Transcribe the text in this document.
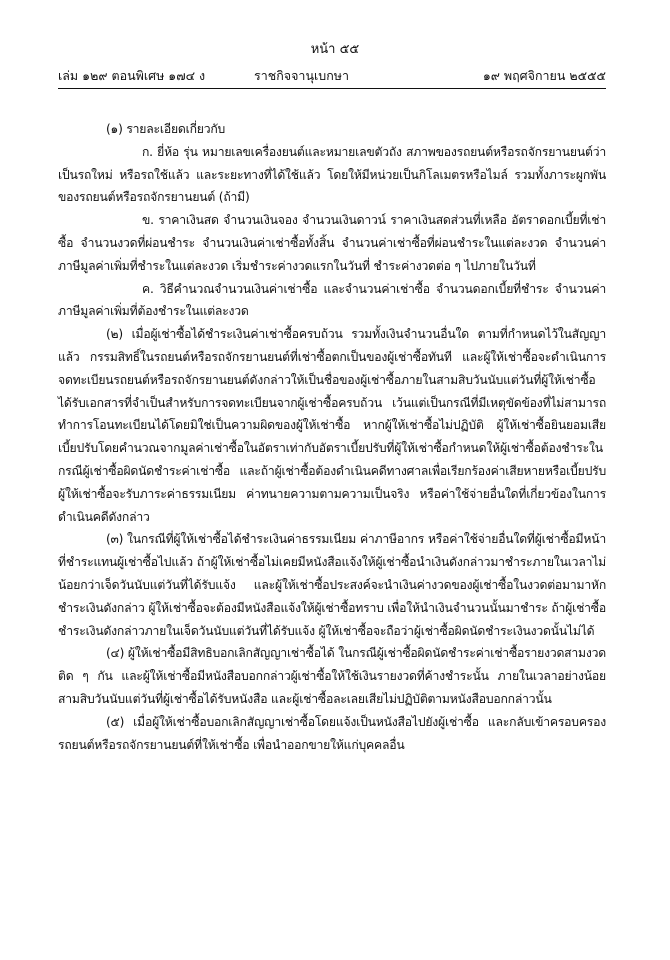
หน้า ๕๕
เล่ม ๑๒๙ ตอนพิเศษ ๑๗๔ ง	ราชกิจจานุเบกษา	๑๙ พฤศจิกายน ๒๕๕๕

(๑) รายละเอียดเกี่ยวกับ

ก. ยี่ห้อ รุ่น หมายเลขเครื่องยนต์และหมายเลขตัวถัง สภาพของรถยนต์หรือรถจักรยานยนต์ว่าเป็นรถใหม่ หรือรถใช้แล้ว และระยะทางที่ได้ใช้แล้ว โดยให้มีหน่วยเป็นกิโลเมตรหรือไมล์ รวมทั้งภาระผูกพันของรถยนต์หรือรถจักรยานยนต์ (ถ้ามี)

ข. ราคาเงินสด จำนวนเงินจอง จำนวนเงินดาวน์ ราคาเงินสดส่วนที่เหลือ อัตราดอกเบี้ยที่เช่าซื้อ จำนวนงวดที่ผ่อนชำระ จำนวนเงินค่าเช่าซื้อทั้งสิ้น จำนวนค่าเช่าซื้อที่ผ่อนชำระในแต่ละงวด จำนวนค่าภาษีมูลค่าเพิ่มที่ชำระในแต่ละงวด เริ่มชำระค่างวดแรกในวันที่ ชำระค่างวดต่อ ๆ ไปภายในวันที่

ค. วิธีคำนวณจำนวนเงินค่าเช่าซื้อ และจำนวนค่าเช่าซื้อ จำนวนดอกเบี้ยที่ชำระ จำนวนค่าภาษีมูลค่าเพิ่มที่ต้องชำระในแต่ละงวด

(๒) เมื่อผู้เช่าซื้อได้ชำระเงินค่าเช่าซื้อครบถ้วน รวมทั้งเงินจำนวนอื่นใด ตามที่กำหนดไว้ในสัญญาแล้ว กรรมสิทธิ์ในรถยนต์หรือรถจักรยานยนต์ที่เช่าซื้อตกเป็นของผู้เช่าซื้อทันที และผู้ให้เช่าซื้อจะดำเนินการจดทะเบียนรถยนต์หรือรถจักรยานยนต์ดังกล่าวให้เป็นชื่อของผู้เช่าซื้อภายในสามสิบวันนับแต่วันที่ผู้ให้เช่าซื้อได้รับเอกสารที่จำเป็นสำหรับการจดทะเบียนจากผู้เช่าซื้อครบถ้วน เว้นแต่เป็นกรณีที่มีเหตุขัดข้องที่ไม่สามารถทำการโอนทะเบียนได้โดยมิใช่เป็นความผิดของผู้ให้เช่าซื้อ หากผู้ให้เช่าซื้อไม่ปฏิบัติ ผู้ให้เช่าซื้อยินยอมเสียเบี้ยปรับโดยคำนวณจากมูลค่าเช่าซื้อในอัตราเท่ากับอัตราเบี้ยปรับที่ผู้ให้เช่าซื้อกำหนดให้ผู้เช่าซื้อต้องชำระในกรณีผู้เช่าซื้อผิดนัดชำระค่าเช่าซื้อ และถ้าผู้เช่าซื้อต้องดำเนินคดีทางศาลเพื่อเรียกร้องค่าเสียหายหรือเบี้ยปรับ ผู้ให้เช่าซื้อจะรับภาระค่าธรรมเนียม ค่าทนายความตามความเป็นจริง หรือค่าใช้จ่ายอื่นใดที่เกี่ยวข้องในการดำเนินคดีดังกล่าว

(๓) ในกรณีที่ผู้ให้เช่าซื้อได้ชำระเงินค่าธรรมเนียม ค่าภาษีอากร หรือค่าใช้จ่ายอื่นใดที่ผู้เช่าซื้อมีหน้าที่ชำระแทนผู้เช่าซื้อไปแล้ว ถ้าผู้ให้เช่าซื้อไม่เคยมีหนังสือแจ้งให้ผู้เช่าซื้อนำเงินดังกล่าวมาชำระภายในเวลาไม่น้อยกว่าเจ็ดวันนับแต่วันที่ได้รับแจ้ง และผู้ให้เช่าซื้อประสงค์จะนำเงินค่างวดของผู้เช่าซื้อในงวดต่อมามาหักชำระเงินดังกล่าว ผู้ให้เช่าซื้อจะต้องมีหนังสือแจ้งให้ผู้เช่าซื้อทราบ เพื่อให้นำเงินจำนวนนั้นมาชำระ ถ้าผู้เช่าซื้อชำระเงินดังกล่าวภายในเจ็ดวันนับแต่วันที่ได้รับแจ้ง ผู้ให้เช่าซื้อจะถือว่าผู้เช่าซื้อผิดนัดชำระเงินงวดนั้นไม่ได้

(๔) ผู้ให้เช่าซื้อมีสิทธิบอกเลิกสัญญาเช่าซื้อได้ ในกรณีผู้เช่าซื้อผิดนัดชำระค่าเช่าซื้อรายงวดสามงวดติด ๆ กัน และผู้ให้เช่าซื้อมีหนังสือบอกกล่าวผู้เช่าซื้อให้ใช้เงินรายงวดที่ค้างชำระนั้น ภายในเวลาอย่างน้อยสามสิบวันนับแต่วันที่ผู้เช่าซื้อได้รับหนังสือ และผู้เช่าซื้อละเลยเสียไม่ปฏิบัติตามหนังสือบอกกล่าวนั้น

(๕) เมื่อผู้ให้เช่าซื้อบอกเลิกสัญญาเช่าซื้อโดยแจ้งเป็นหนังสือไปยังผู้เช่าซื้อ และกลับเข้าครอบครองรถยนต์หรือรถจักรยานยนต์ที่ให้เช่าซื้อ เพื่อนำออกขายให้แก่บุคคลอื่น
